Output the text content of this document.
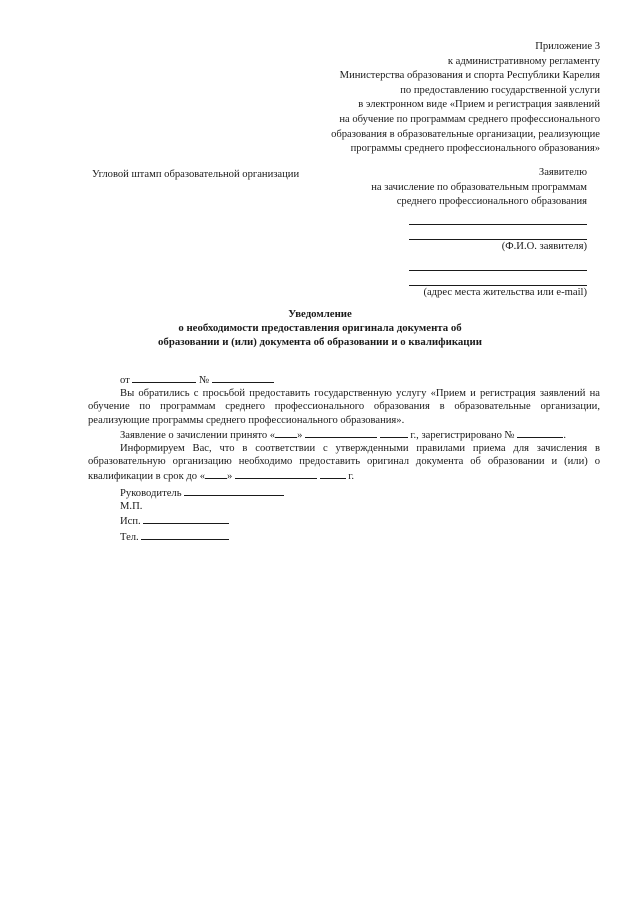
Приложение 3
к административному регламенту
Министерства образования и спорта Республики Карелия
по предоставлению государственной услуги
в электронном виде «Прием и регистрация заявлений
на обучение по программам среднего профессионального
образования в образовательные организации, реализующие
программы среднего профессионального образования»
Угловой штамп образовательной организации	Заявителю
на зачисление по образовательным программам
среднего профессионального образования
(Ф.И.О. заявителя)
(адрес места жительства или e-mail)
Уведомление
о необходимости предоставления оригинала документа об
образовании и (или) документа об образовании и о квалификации
от	№

Вы обратились с просьбой предоставить государственную услугу «Прием и регистрация заявлений на обучение по программам среднего профессионального образования в образовательные организации, реализующие программы среднего профессионального образования».

Заявление о зачислении принято « »	г., зарегистрировано №	.

Информируем Вас, что в соответствии с утвержденными правилами приема для зачисления в образовательную организацию необходимо предоставить оригинал документа об образовании и (или) о квалификации в срок до « »	г.

Руководитель
М.П.
Исп.
Тел.
